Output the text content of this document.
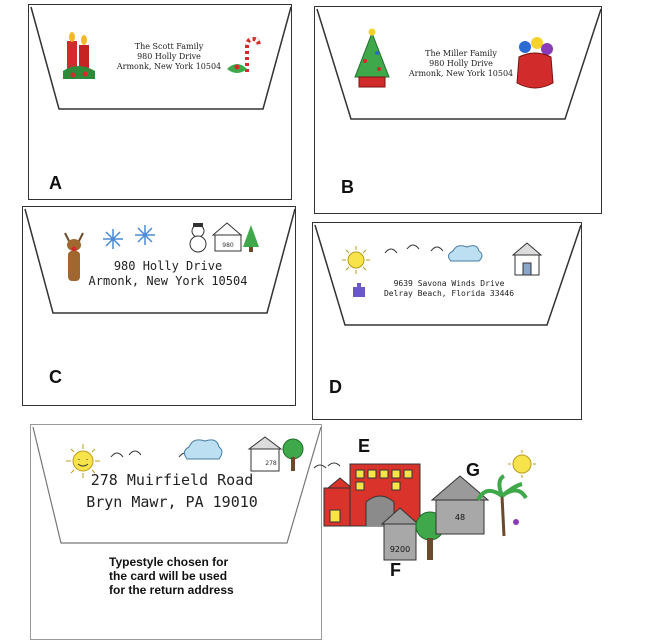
The Scott Family
980 Holly Drive
Armonk, New York 10504
A
The Miller Family
980 Holly Drive
Armonk, New York 10504
B
980
980 Holly Drive
Armonk, New York 10504
C
9639 Savona Winds Drive
Delray Beach, Florida 33446
D
278
278 Muirfield Road
Bryn Mawr, PA 19010
Typestyle chosen for
the card will be used
for the return address
9200
48
E
F
G
